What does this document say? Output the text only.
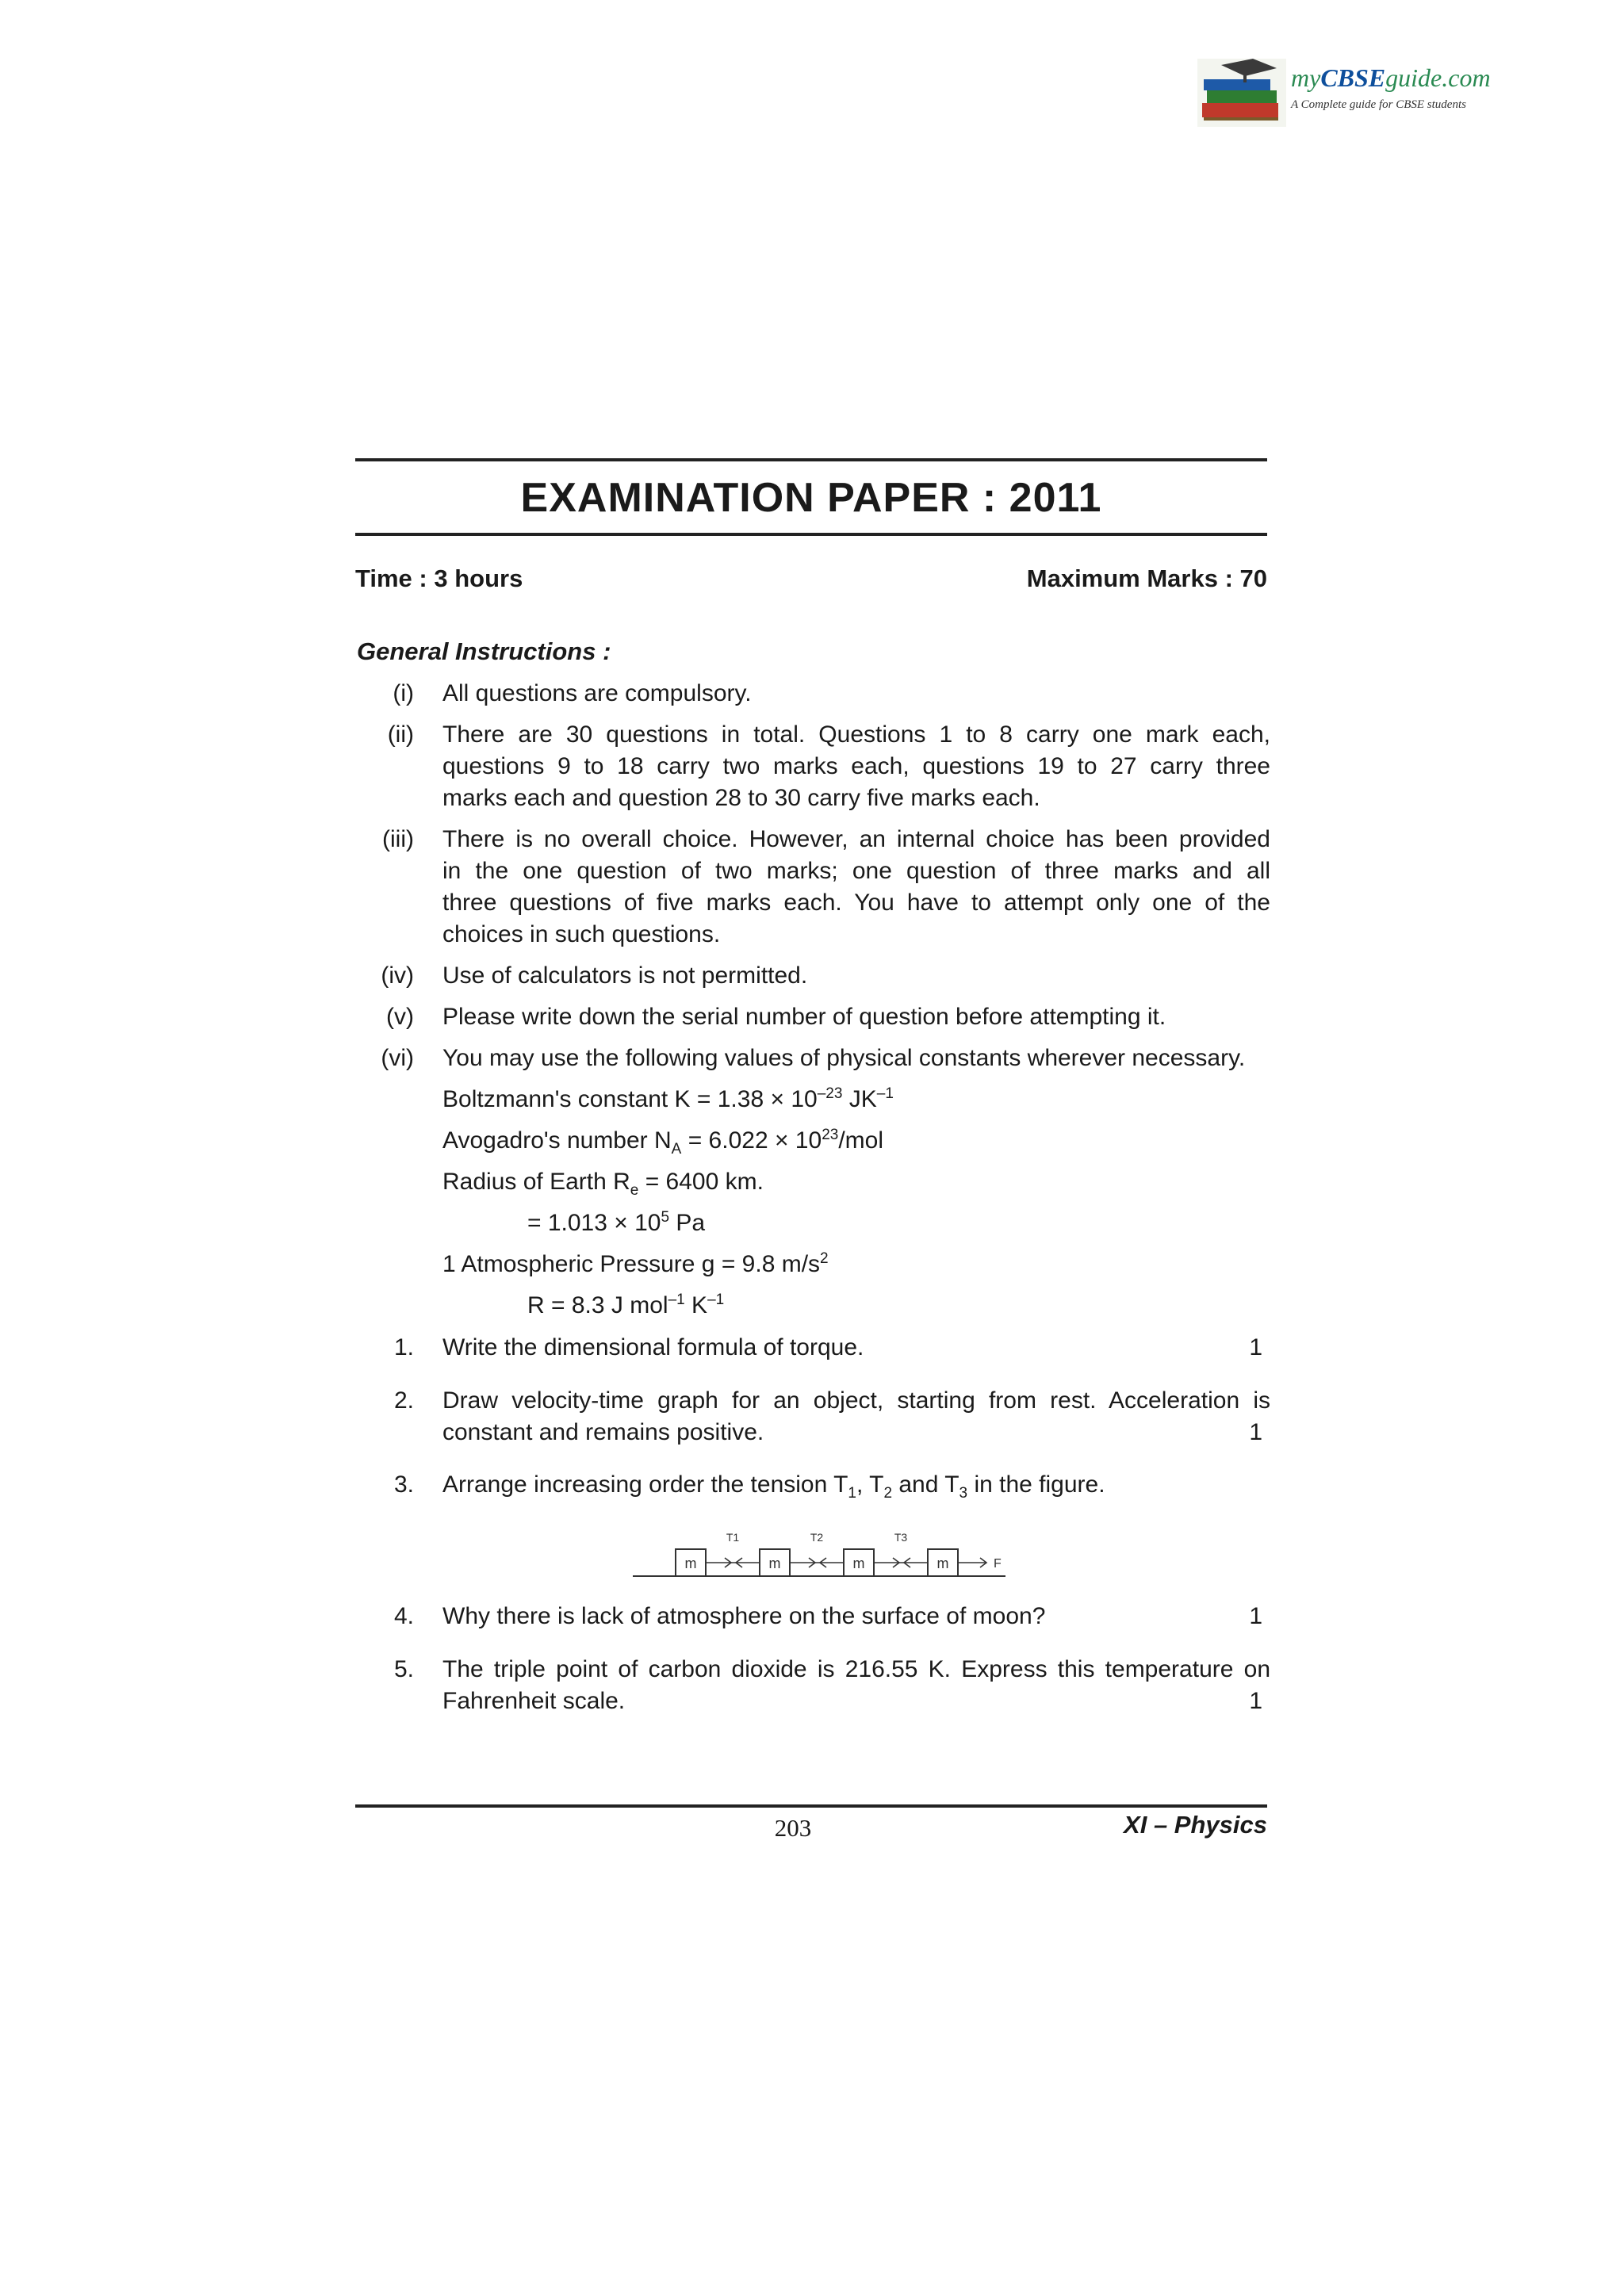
myCBSEguide.com
A Complete guide for CBSE students
EXAMINATION PAPER : 2011
Time : 3 hours	Maximum Marks : 70
General Instructions :
(i) All questions are compulsory.
(ii) There are 30 questions in total. Questions 1 to 8 carry one mark each,
questions 9 to 18 carry two marks each, questions 19 to 27 carry three
marks each and question 28 to 30 carry five marks each.
(iii) There is no overall choice. However, an internal choice has been provided
in the one question of two marks; one question of three marks and all
three questions of five marks each. You have to attempt only one of the
choices in such questions.
(iv) Use of calculators is not permitted.
(v) Please write down the serial number of question before attempting it.
(vi) You may use the following values of physical constants wherever necessary.
Boltzmann's constant $K = 1.38 \times 10^{-23}$ $JK^{-1}$
Avogadro's number $N_A = 6.022 \times 10^{23}/mol$
Radius of Earth $R_e = 6400$ km.
= $1.013 \times 10^5$ Pa
1 Atmospheric Pressure g = 9.8 $m/s^2$
R = 8.3 J mol$^{-1}$ $K^{-1}$
1. Write the dimensional formula of torque.	1
2. Draw velocity-time graph for an object, starting from rest. Acceleration is
constant and remains positive.	1
3. Arrange increasing order the tension $T_1$, $T_2$ and $T_3$ in the figure.
4. Why there is lack of atmosphere on the surface of moon?	1
5. The triple point of carbon dioxide is 216.55 K. Express this temperature on
Fahrenheit scale.	1
m	m	m	m
T1	T2	T3
F
203	XI – Physics
